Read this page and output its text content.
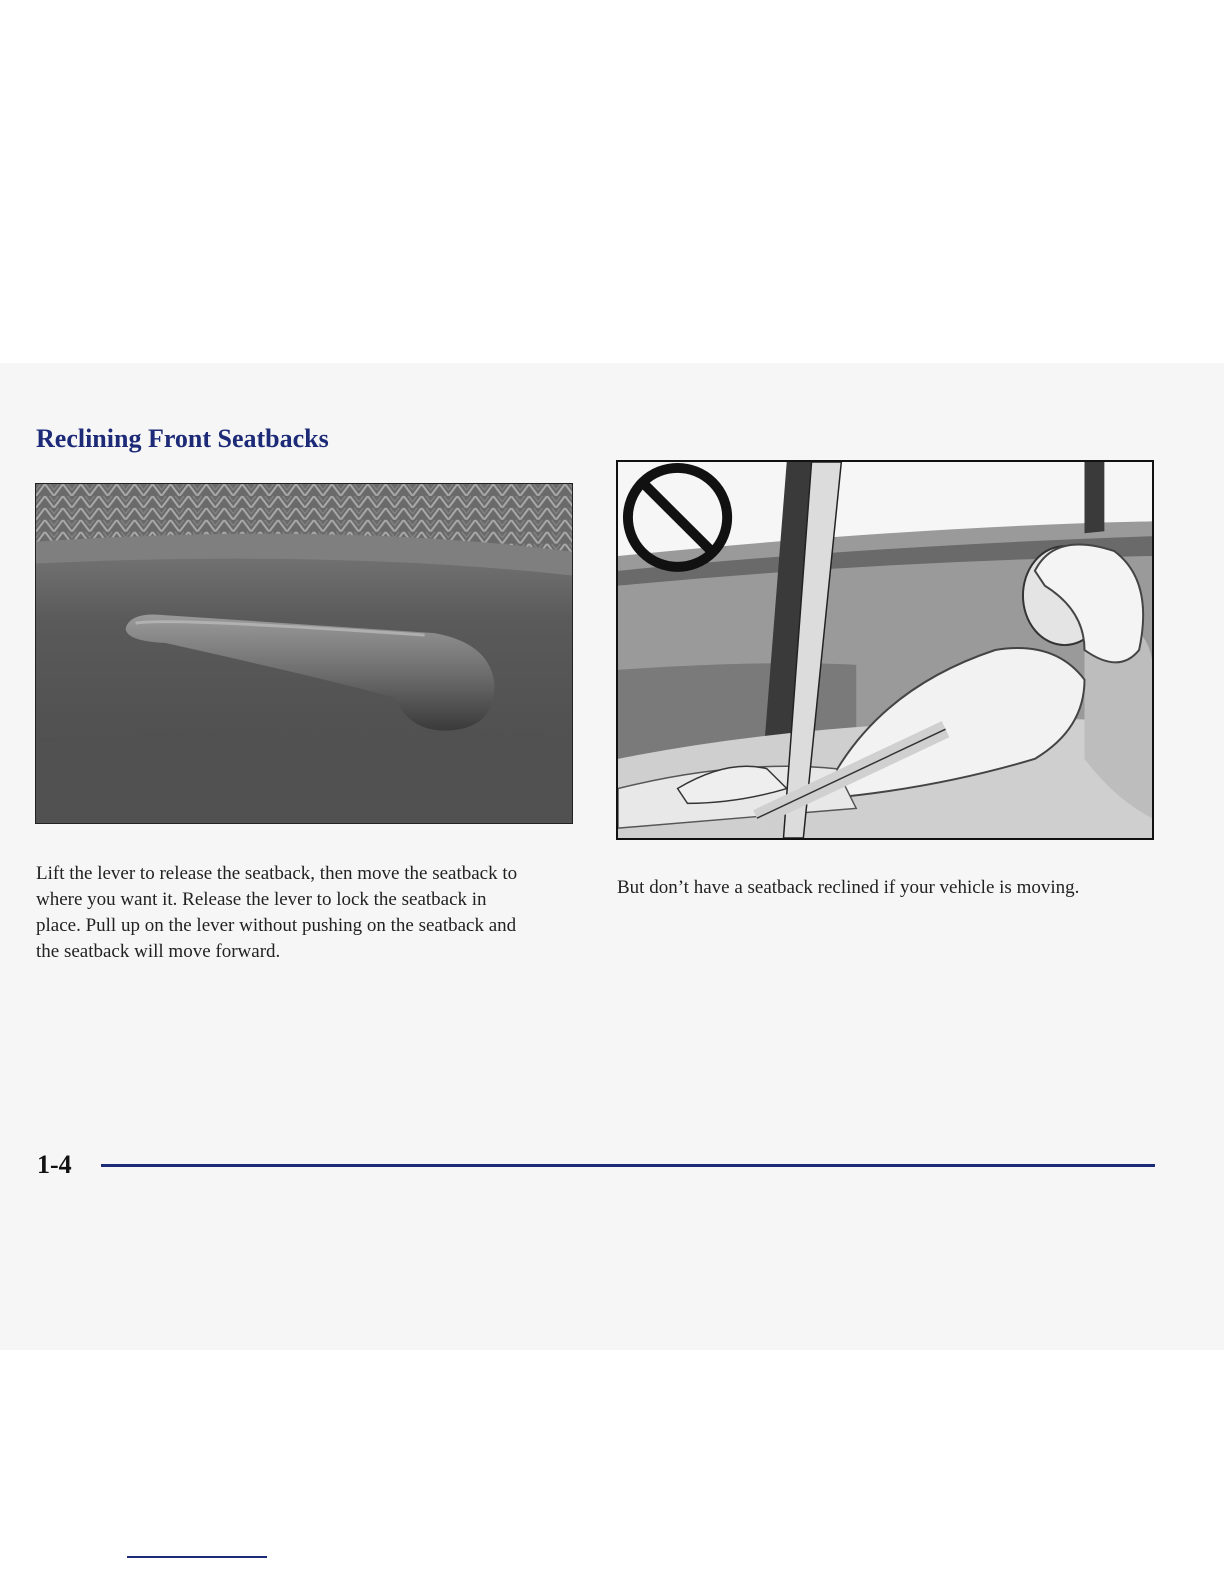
Reclining Front Seatbacks

Lift the lever to release the seatback, then move the seatback to where you want it. Release the lever to lock the seatback in place. Pull up on the lever without pushing on the seatback and the seatback will move forward.

But don’t have a seatback reclined if your vehicle is moving.

1-4
